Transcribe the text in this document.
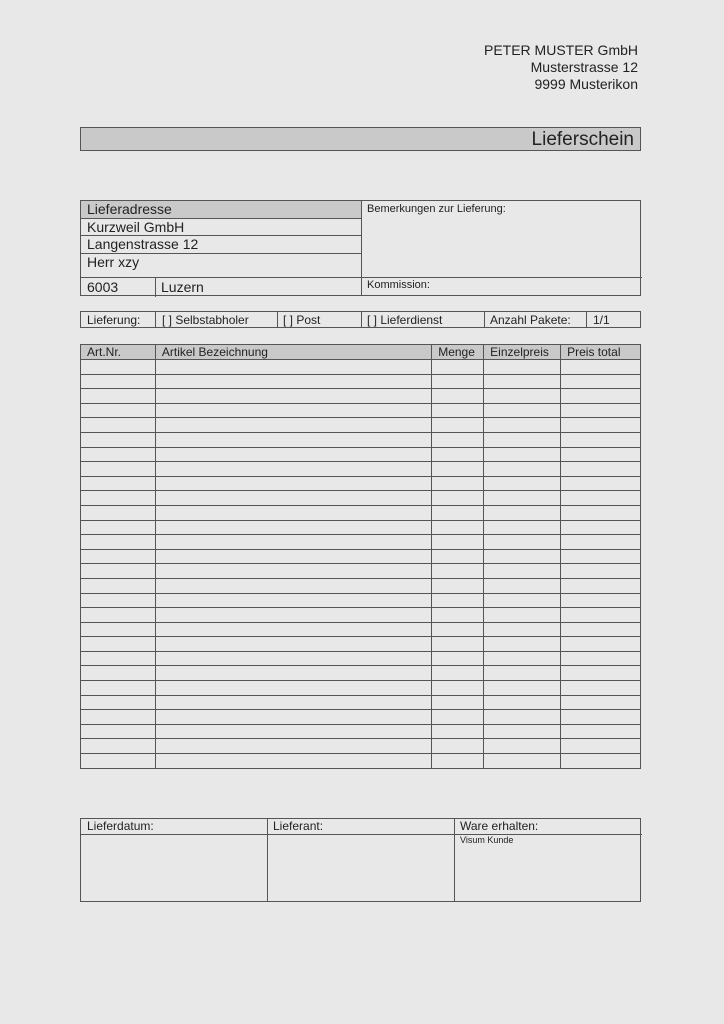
PETER MUSTER GmbH
Musterstrasse 12
9999 Musterikon
Lieferschein
Lieferadresse
Kurzweil GmbH
Langenstrasse 12
Herr xzy
6003	Luzern
Bemerkungen zur Lieferung:
Kommission:
Lieferung: [ ] Selbstabholer	[ ] Post	[ ] Lieferdienst	Anzahl Pakete: 1/1
Art.Nr.	Artikel Bezeichnung	Menge	Einzelpreis	Preis total

Lieferdatum:	Lieferant:	Ware erhalten:
Visum Kunde
